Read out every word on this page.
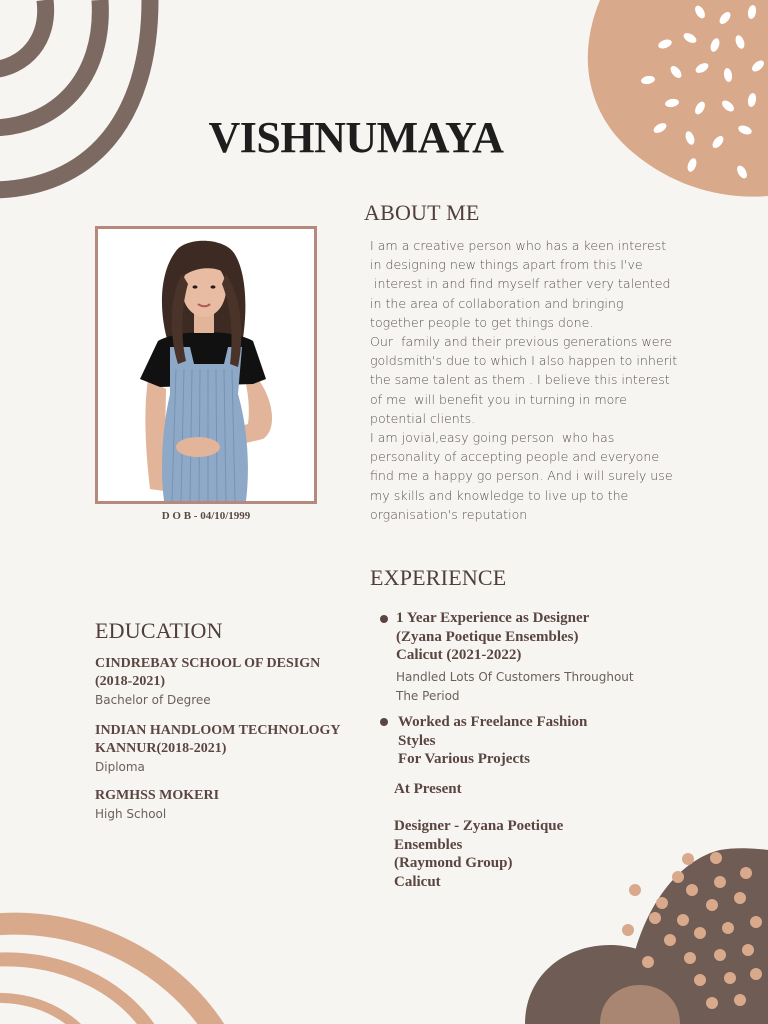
VISHNUMAYA
D O B - 04/10/1999
ABOUT ME

I am a creative person who has a keen interest

in designing new things apart from this I've

interest in and find myself rather very talented

in the area of collaboration and bringing

together people to get things done.

Our  family and their previous generations were

goldsmith's due to which I also happen to inherit

the same talent as them . I believe this interest

of me  will benefit you in turning in more

potential clients.

I am jovial,easy going person  who has

personality of accepting people and everyone

find me a happy go person. And i will surely use

my skills and knowledge to live up to the

organisation's reputation

EXPERIENCE
1 Year Experience as Designer
(Zyana Poetique Ensembles)
Calicut (2021-2022)
Handled Lots Of Customers Throughout
The Period
Worked as Freelance Fashion
Styles
For Various Projects
At Present
Designer - Zyana Poetique
Ensembles
(Raymond Group)
Calicut
EDUCATION
CINDREBAY SCHOOL OF DESIGN
(2018-2021)
Bachelor of Degree
INDIAN HANDLOOM TECHNOLOGY
KANNUR(2018-2021)
Diploma
RGMHSS MOKERI
High School
